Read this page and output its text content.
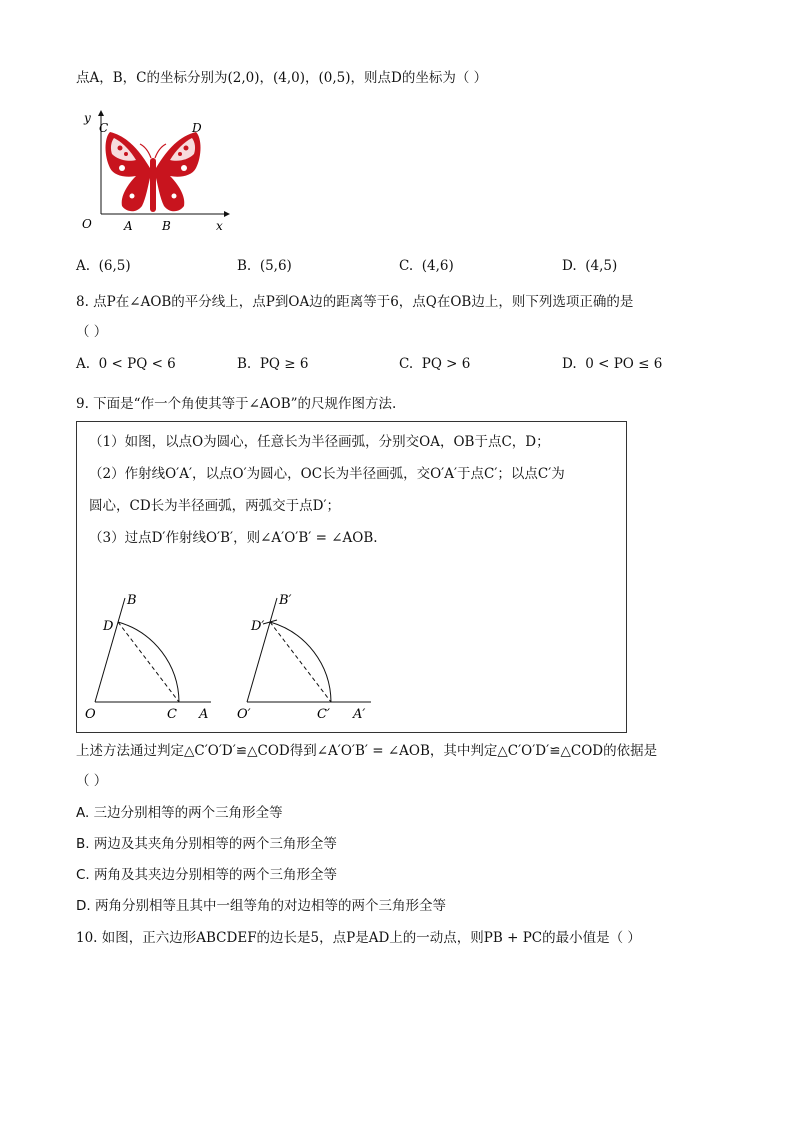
点A，B，C的坐标分别为(2,0)，(4,0)，(0,5)，则点D的坐标为（ ）
y
x
O	A B
C	D
A. (6,5)	B. (5,6)	C. (4,6)	D. (4,5)
8. 点P在∠AOB的平分线上，点P到OA边的距离等于6，点Q在OB边上，则下列选项正确的是
（ ）
A. 0 < PQ < 6	B. PQ ≥ 6	C. PQ > 6	D. 0 < PO ≤ 6
9. 下面是“作一个角使其等于∠AOB”的尺规作图方法.
（1）如图，以点O为圆心，任意长为半径画弧，分别交OA，OB于点C，D；
（2）作射线O′A′，以点O′为圆心，OC长为半径画弧，交O′A′于点C′；以点C′为
圆心，CD长为半径画弧，两弧交于点D′；
（3）过点D′作射线O′B′，则∠A′O′B′ = ∠AOB.
B
D
O	C A
B′
D′
O′	C′ A′
上述方法通过判定△C′O′D′≌△COD得到∠A′O′B′ = ∠AOB，其中判定△C′O′D′≌△COD的依据是
（ ）
A. 三边分别相等的两个三角形全等
B. 两边及其夹角分别相等的两个三角形全等
C. 两角及其夹边分别相等的两个三角形全等
D. 两角分别相等且其中一组等角的对边相等的两个三角形全等
10. 如图，正六边形ABCDEF的边长是5，点P是AD上的一动点，则PB + PC的最小值是（ ）
